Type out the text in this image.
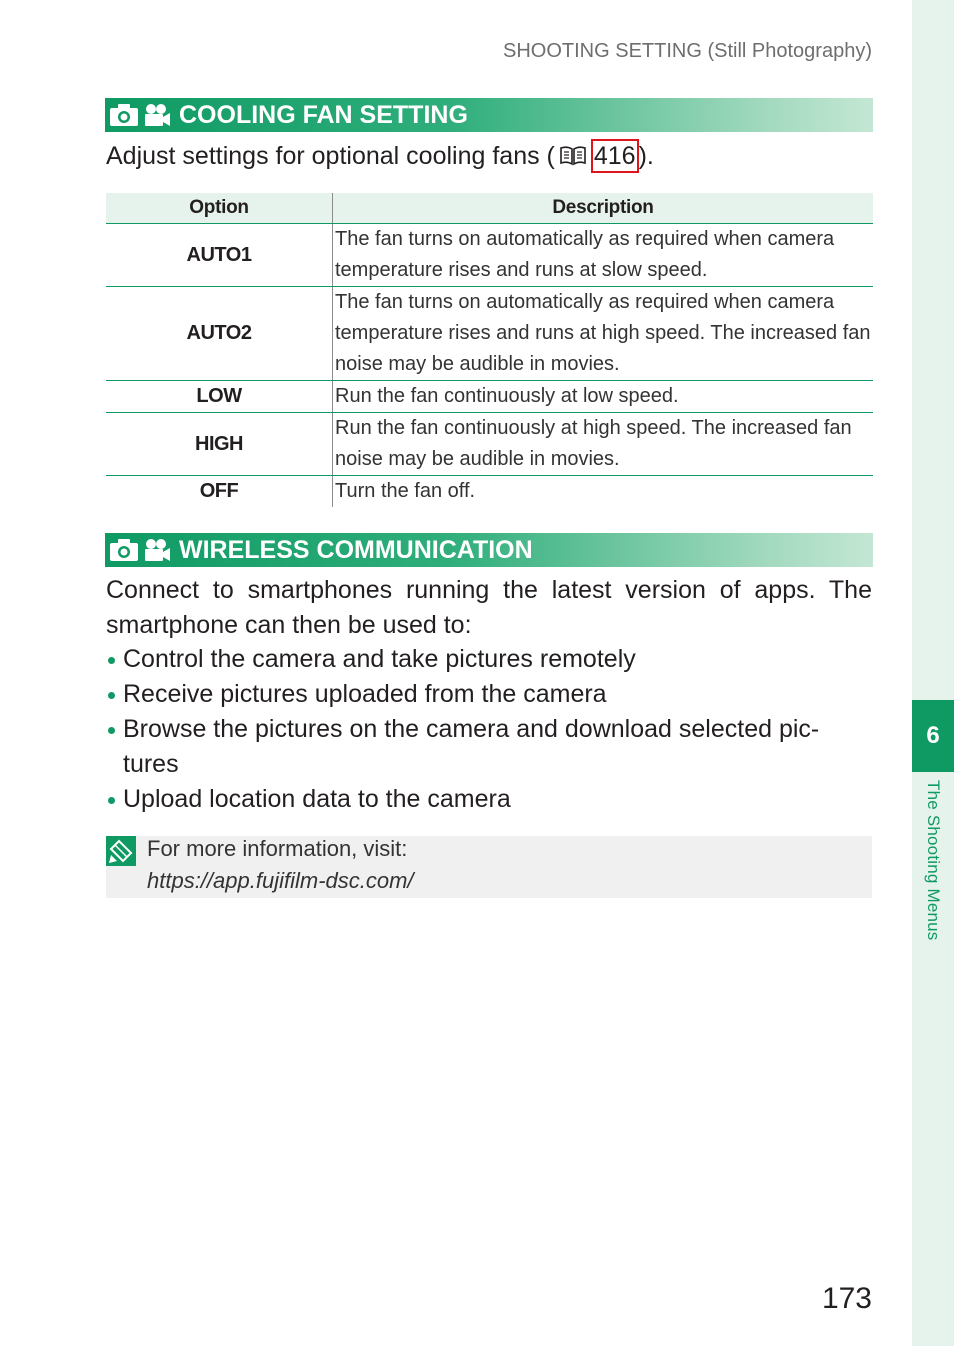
6
The Shooting Menus
SHOOTING SETTING (Still Photography)
COOLING FAN SETTING
Adjust settings for optional cooling fans ( 416 ).
Option	Description
AUTO1	The fan turns on automatically as required when camera temperature rises and runs at slow speed.
AUTO2	The fan turns on automatically as required when camera temperature rises and runs at high speed. The increased fan noise may be audible in movies.
LOW	Run the fan continuously at low speed.
HIGH	Run the fan continuously at high speed. The increased fan noise may be audible in movies.
OFF	Turn the fan off.
WIRELESS COMMUNICATION
Connect to smartphones running the latest version of apps. The smartphone can then be used to:
Control the camera and take pictures remotely
Receive pictures uploaded from the camera
Browse the pictures on the camera and download selected pic-tures
Upload location data to the camera
For more information, visit:
https://app.fujifilm-dsc.com/
173
